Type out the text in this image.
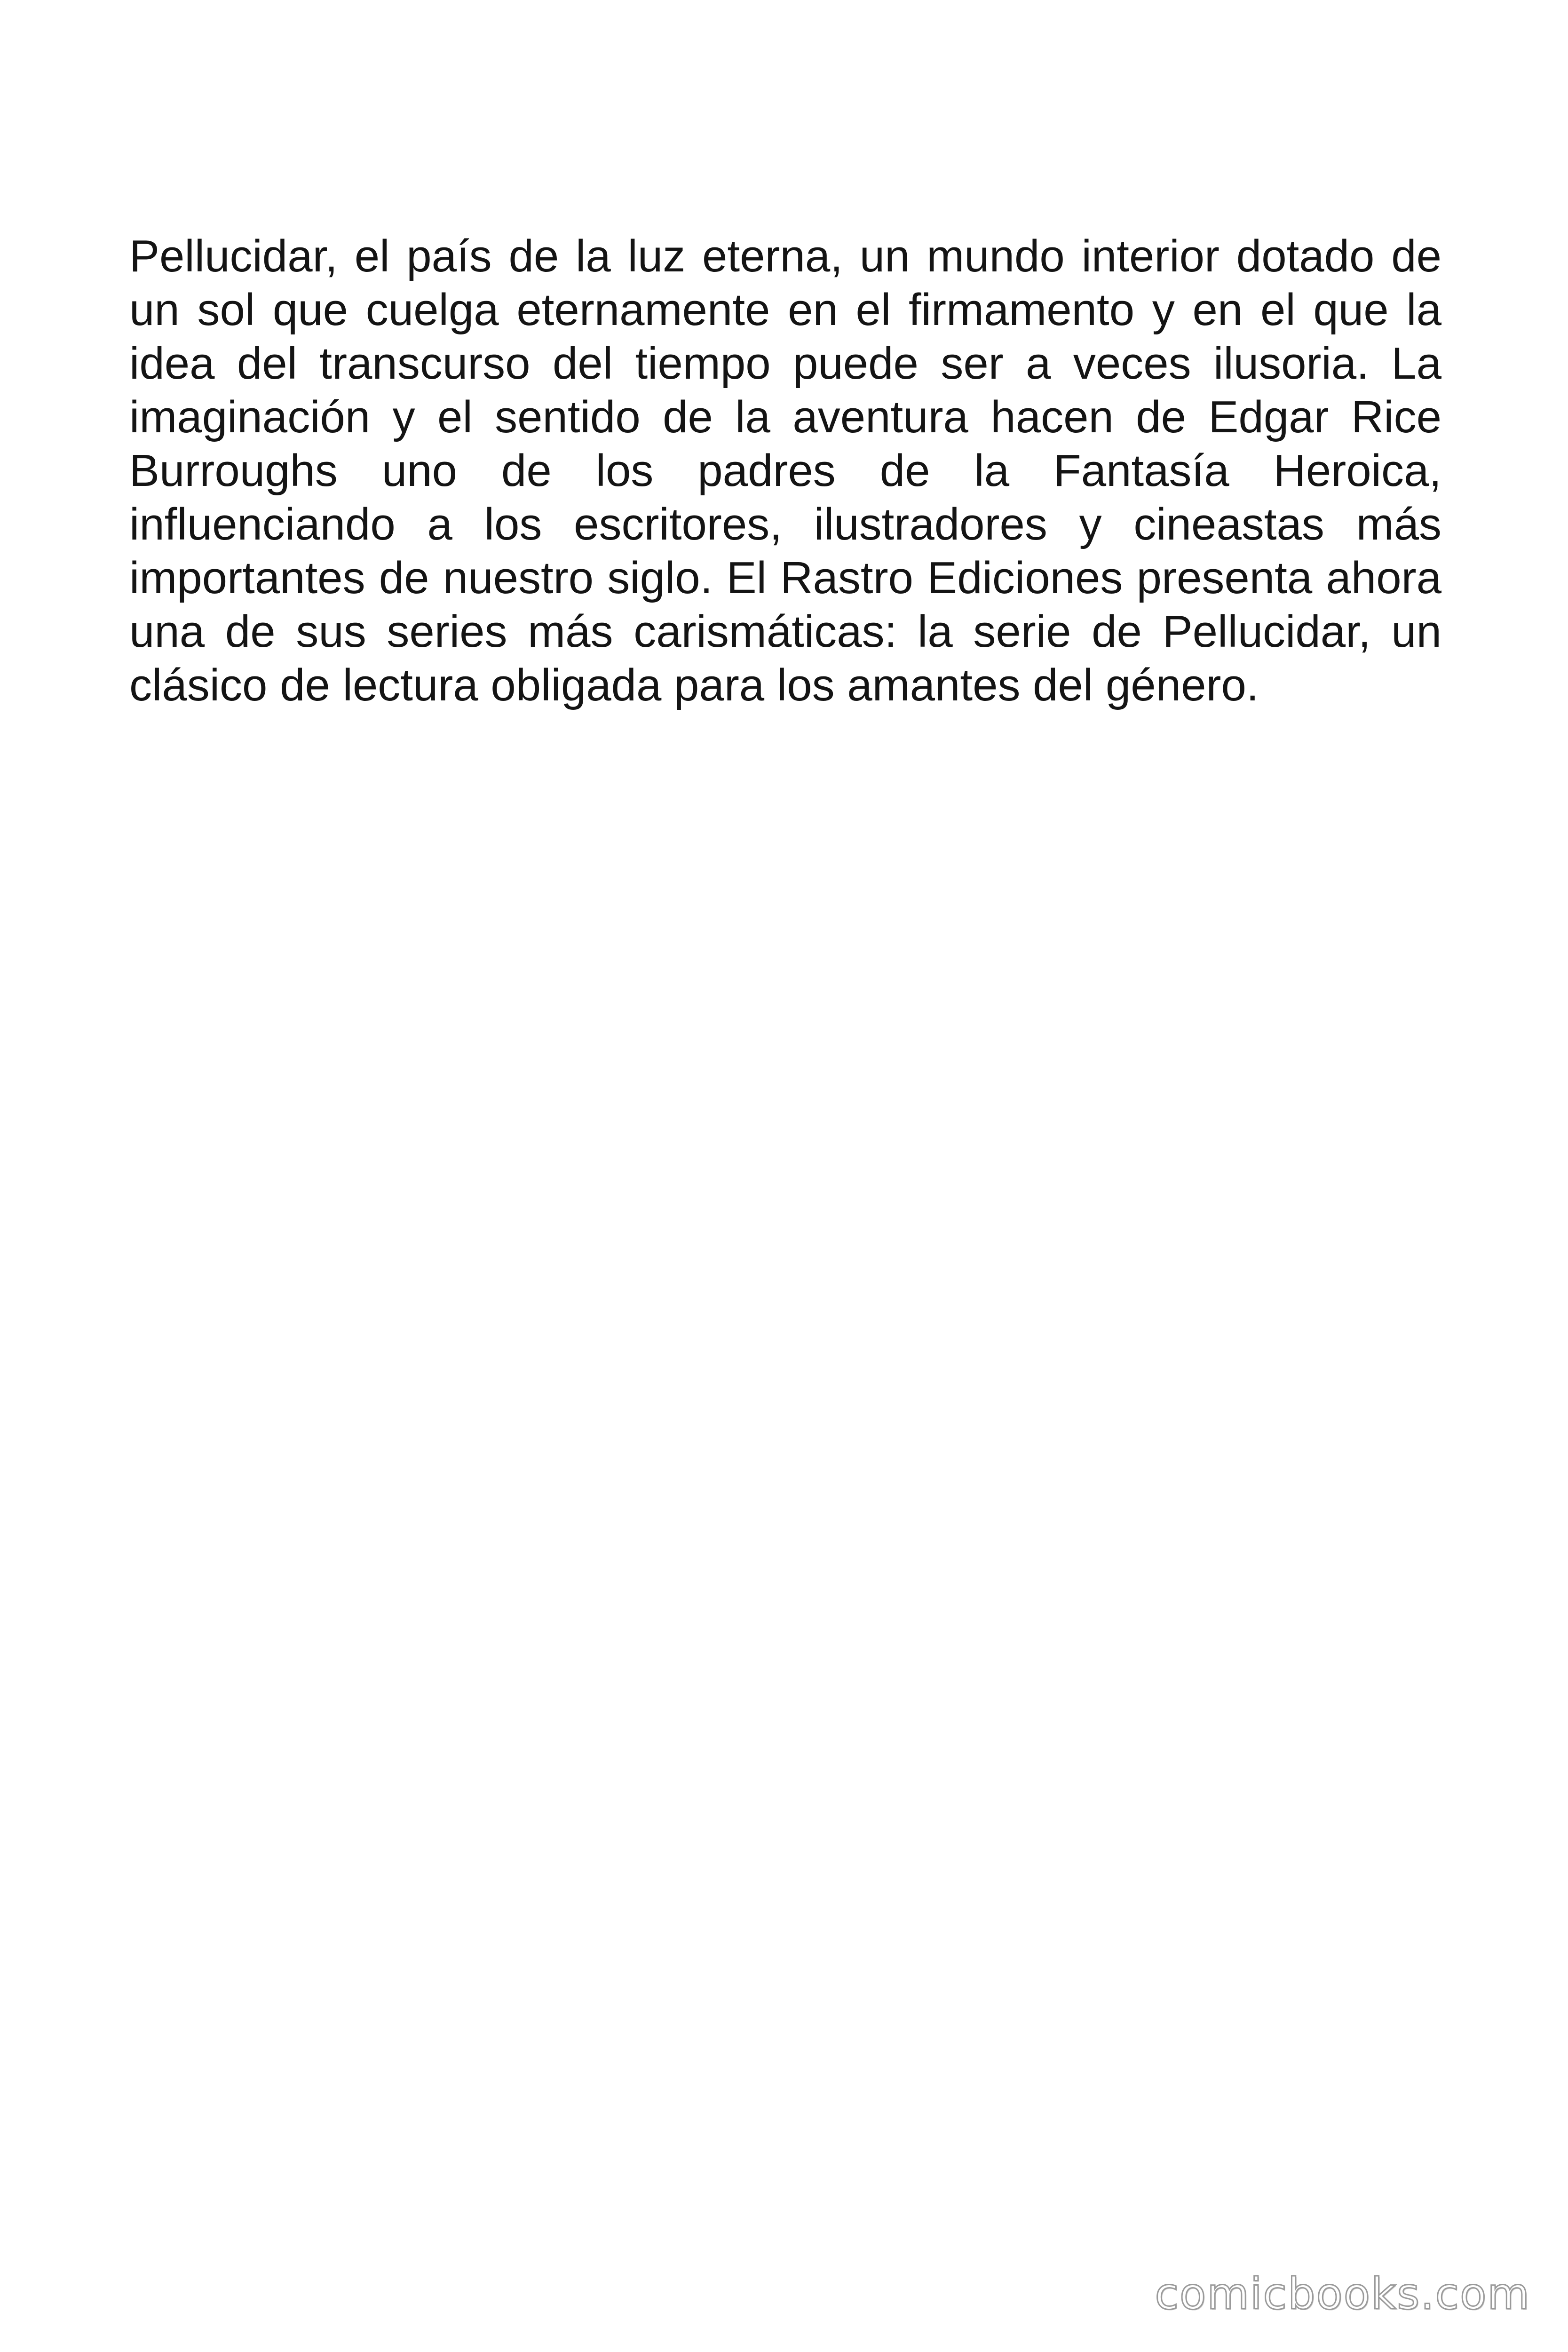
Pellucidar, el país de la luz eterna, un mundo interior dotado de un sol que cuelga eternamente en el firmamento y en el que la idea del transcurso del tiempo puede ser a veces ilusoria. La imaginación y el sentido de la aventura hacen de Edgar Rice Burroughs uno de los padres de la Fantasía Heroica, influenciando a los escritores, ilustradores y cineastas más importantes de nuestro siglo. El Rastro Ediciones presenta ahora una de sus series más carismáticas: la serie de Pellucidar, un clásico de lectura obligada para los amantes del género.

comicbooks.com
